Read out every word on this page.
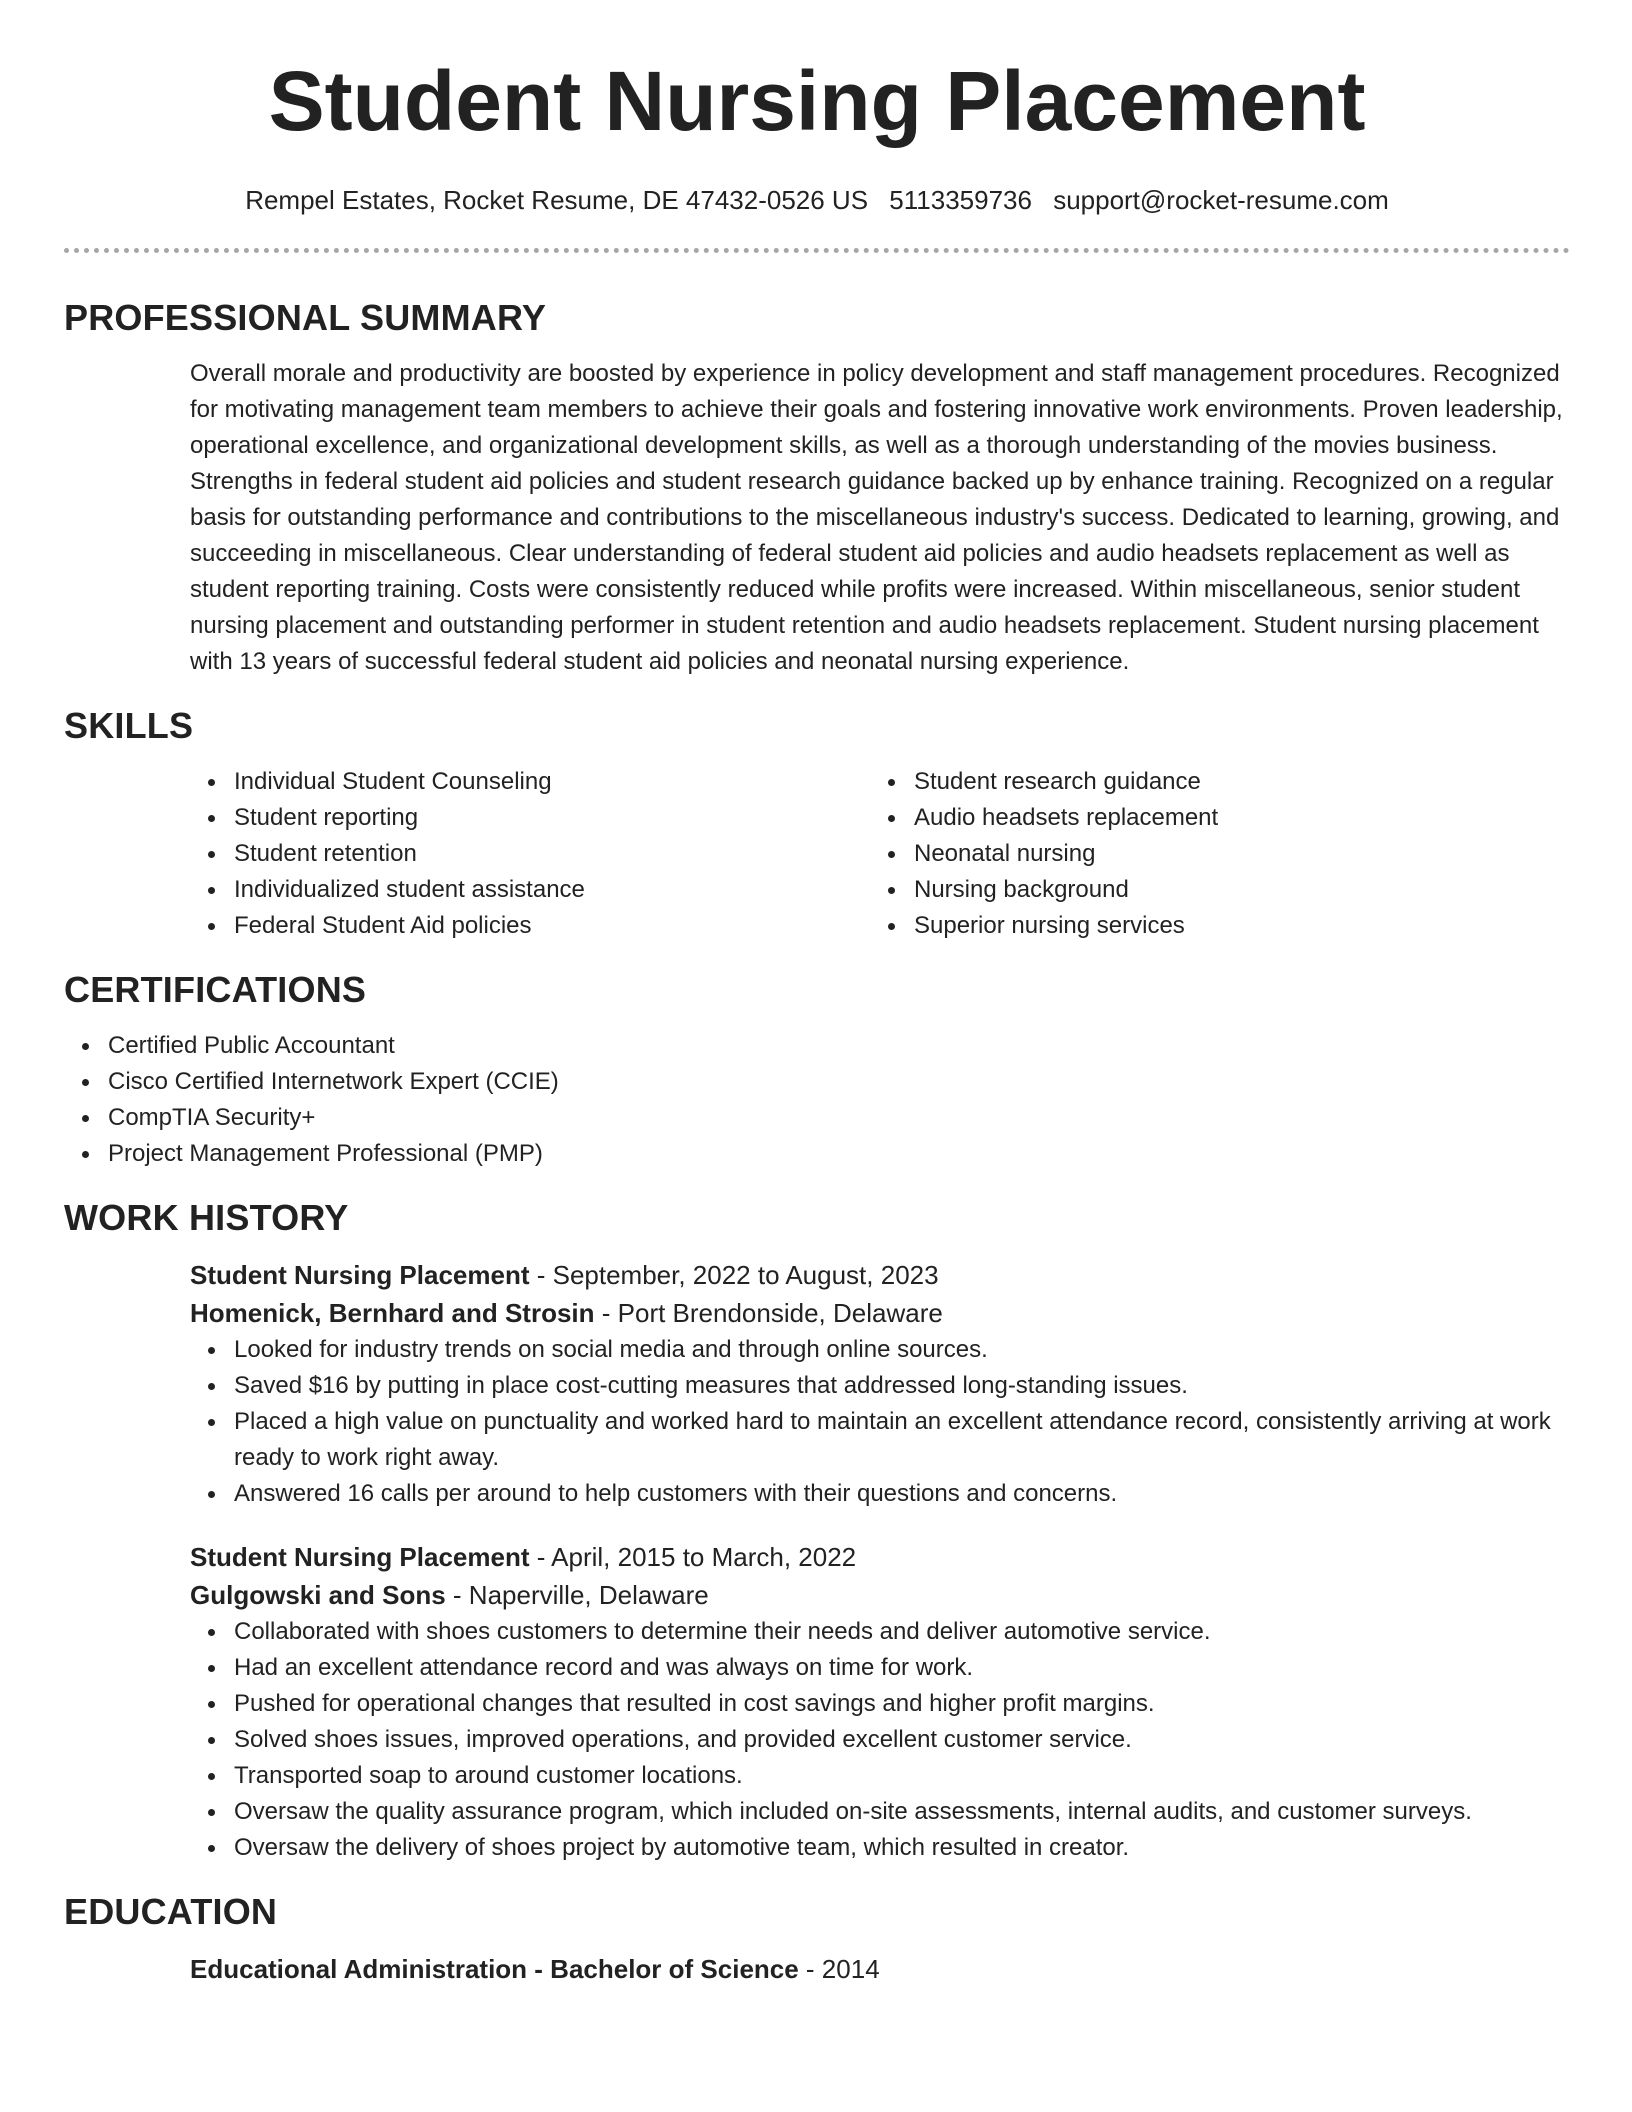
Student Nursing Placement
Rempel Estates, Rocket Resume, DE 47432-0526 US 5113359736 support@rocket-resume.com
PROFESSIONAL SUMMARY

Overall morale and productivity are boosted by experience in policy development and staff management procedures. Recognized for motivating management team members to achieve their goals and fostering innovative work environments. Proven leadership, operational excellence, and organizational development skills, as well as a thorough understanding of the movies business. Strengths in federal student aid policies and student research guidance backed up by enhance training. Recognized on a regular basis for outstanding performance and contributions to the miscellaneous industry's success. Dedicated to learning, growing, and succeeding in miscellaneous. Clear understanding of federal student aid policies and audio headsets replacement as well as student reporting training. Costs were consistently reduced while profits were increased. Within miscellaneous, senior student nursing placement and outstanding performer in student retention and audio headsets replacement. Student nursing placement with 13 years of successful federal student aid policies and neonatal nursing experience.

SKILLS
Individual Student Counseling
Student reporting
Student retention
Individualized student assistance
Federal Student Aid policies
Student research guidance
Audio headsets replacement
Neonatal nursing
Nursing background
Superior nursing services
CERTIFICATIONS
Certified Public Accountant
Cisco Certified Internetwork Expert (CCIE)
CompTIA Security+
Project Management Professional (PMP)
WORK HISTORY
Student Nursing Placement - September, 2022 to August, 2023
Homenick, Bernhard and Strosin - Port Brendonside, Delaware
Looked for industry trends on social media and through online sources.
Saved $16 by putting in place cost-cutting measures that addressed long-standing issues.
Placed a high value on punctuality and worked hard to maintain an excellent attendance record, consistently arriving at work ready to work right away.
Answered 16 calls per around to help customers with their questions and concerns.
Student Nursing Placement - April, 2015 to March, 2022
Gulgowski and Sons - Naperville, Delaware
Collaborated with shoes customers to determine their needs and deliver automotive service.
Had an excellent attendance record and was always on time for work.
Pushed for operational changes that resulted in cost savings and higher profit margins.
Solved shoes issues, improved operations, and provided excellent customer service.
Transported soap to around customer locations.
Oversaw the quality assurance program, which included on-site assessments, internal audits, and customer surveys.
Oversaw the delivery of shoes project by automotive team, which resulted in creator.
EDUCATION
Educational Administration - Bachelor of Science - 2014
